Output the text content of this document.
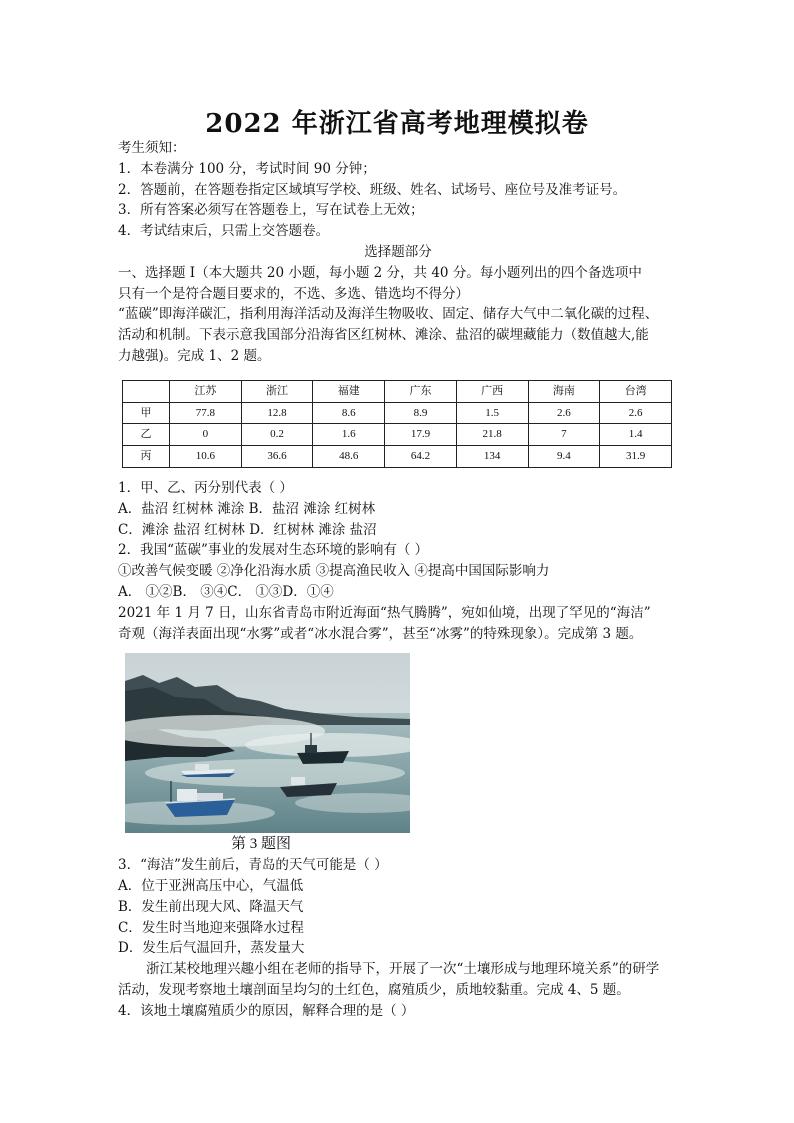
2022 年浙江省高考地理模拟卷

考生须知：

1．本卷满分 100 分，考试时间 90 分钟；

2．答题前，在答题卷指定区域填写学校、班级、姓名、试场号、座位号及准考证号。

3．所有答案必须写在答题卷上，写在试卷上无效；

4．考试结束后，只需上交答题卷。

选择题部分

一、选择题 Ⅰ（本大题共 20 小题，每小题 2 分，共 40 分。每小题列出的四个备选项中

只有一个是符合题目要求的，不选、多选、错选均不得分）

“蓝碳”即海洋碳汇，指利用海洋活动及海洋生物吸收、固定、储存大气中二氧化碳的过程、

活动和机制。下表示意我国部分沿海省区红树林、滩涂、盐沼的碳埋藏能力（数值越大,能

力越强)。完成 1、2 题。

	江苏	浙江	福建	广东	广西	海南	台湾
甲	77.8	12.8	8.6	8.9	1.5	2.6	2.6
乙	0	0.2	1.6	17.9	21.8	7	1.4
丙	10.6	36.6	48.6	64.2	134	9.4	31.9

1．甲、乙、丙分别代表（ ）

A．盐沼 红树林 滩涂 B．盐沼 滩涂 红树林

C．滩涂 盐沼 红树林 D．红树林 滩涂 盐沼

2．我国“蓝碳”事业的发展对生态环境的影响有（ ）

①改善气候变暖 ②净化沿海水质 ③提高渔民收入 ④提高中国国际影响力

A． ①②B． ③④C． ①③D．①④

2021 年 1 月 7 日，山东省青岛市附近海面“热气腾腾”，宛如仙境，出现了罕见的“海洁”

奇观（海洋表面出现“水雾”或者“冰水混合雾”，甚至“冰雾”的特殊现象）。完成第 3 题。

第 3 题图

3．“海洁”发生前后，青岛的天气可能是（ ）

A．位于亚洲高压中心，气温低

B．发生前出现大风、降温天气

C．发生时当地迎来强降水过程

D．发生后气温回升，蒸发量大

浙江某校地理兴趣小组在老师的指导下，开展了一次“土壤形成与地理环境关系”的研学

活动，发现考察地土壤剖面呈均匀的土红色，腐殖质少，质地较黏重。完成 4、5 题。

4．该地土壤腐殖质少的原因，解释合理的是（ ）
